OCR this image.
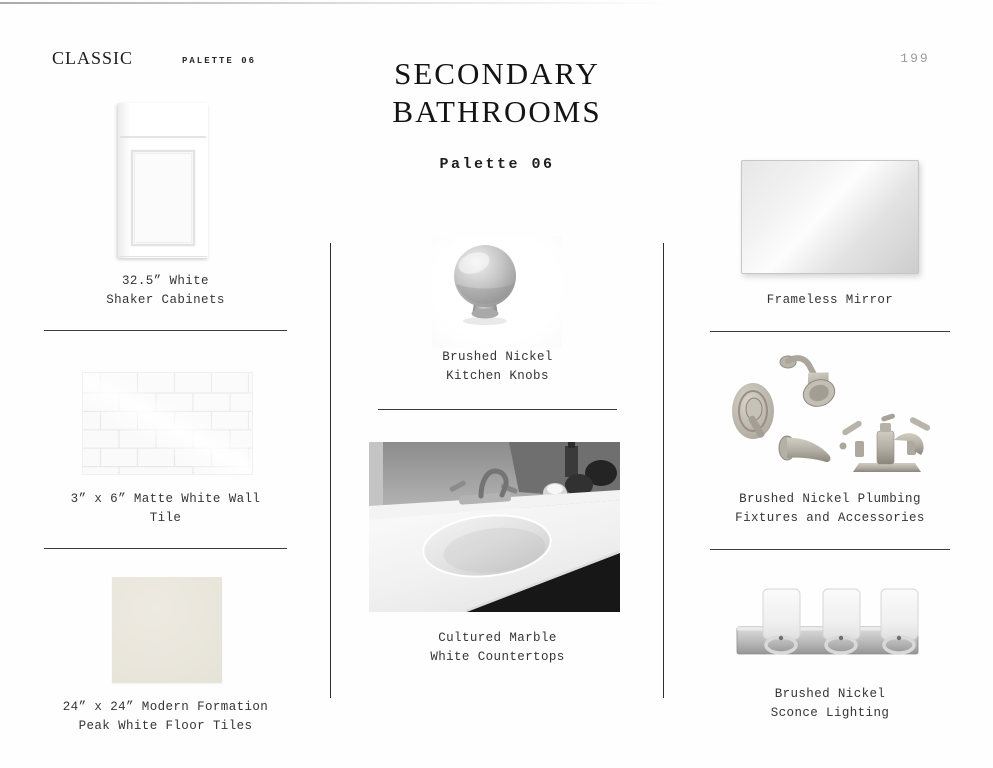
CLASSIC	PALETTE 06	199
SECONDARY
BATHROOMS
Palette 06
32.5” White
Shaker Cabinets
3” x 6” Matte White Wall
Tile
24” x 24” Modern Formation
Peak White Floor Tiles
Brushed Nickel
Kitchen Knobs
Cultured Marble
White Countertops
Frameless Mirror
Brushed Nickel Plumbing
Fixtures and Accessories
Brushed Nickel
Sconce Lighting
